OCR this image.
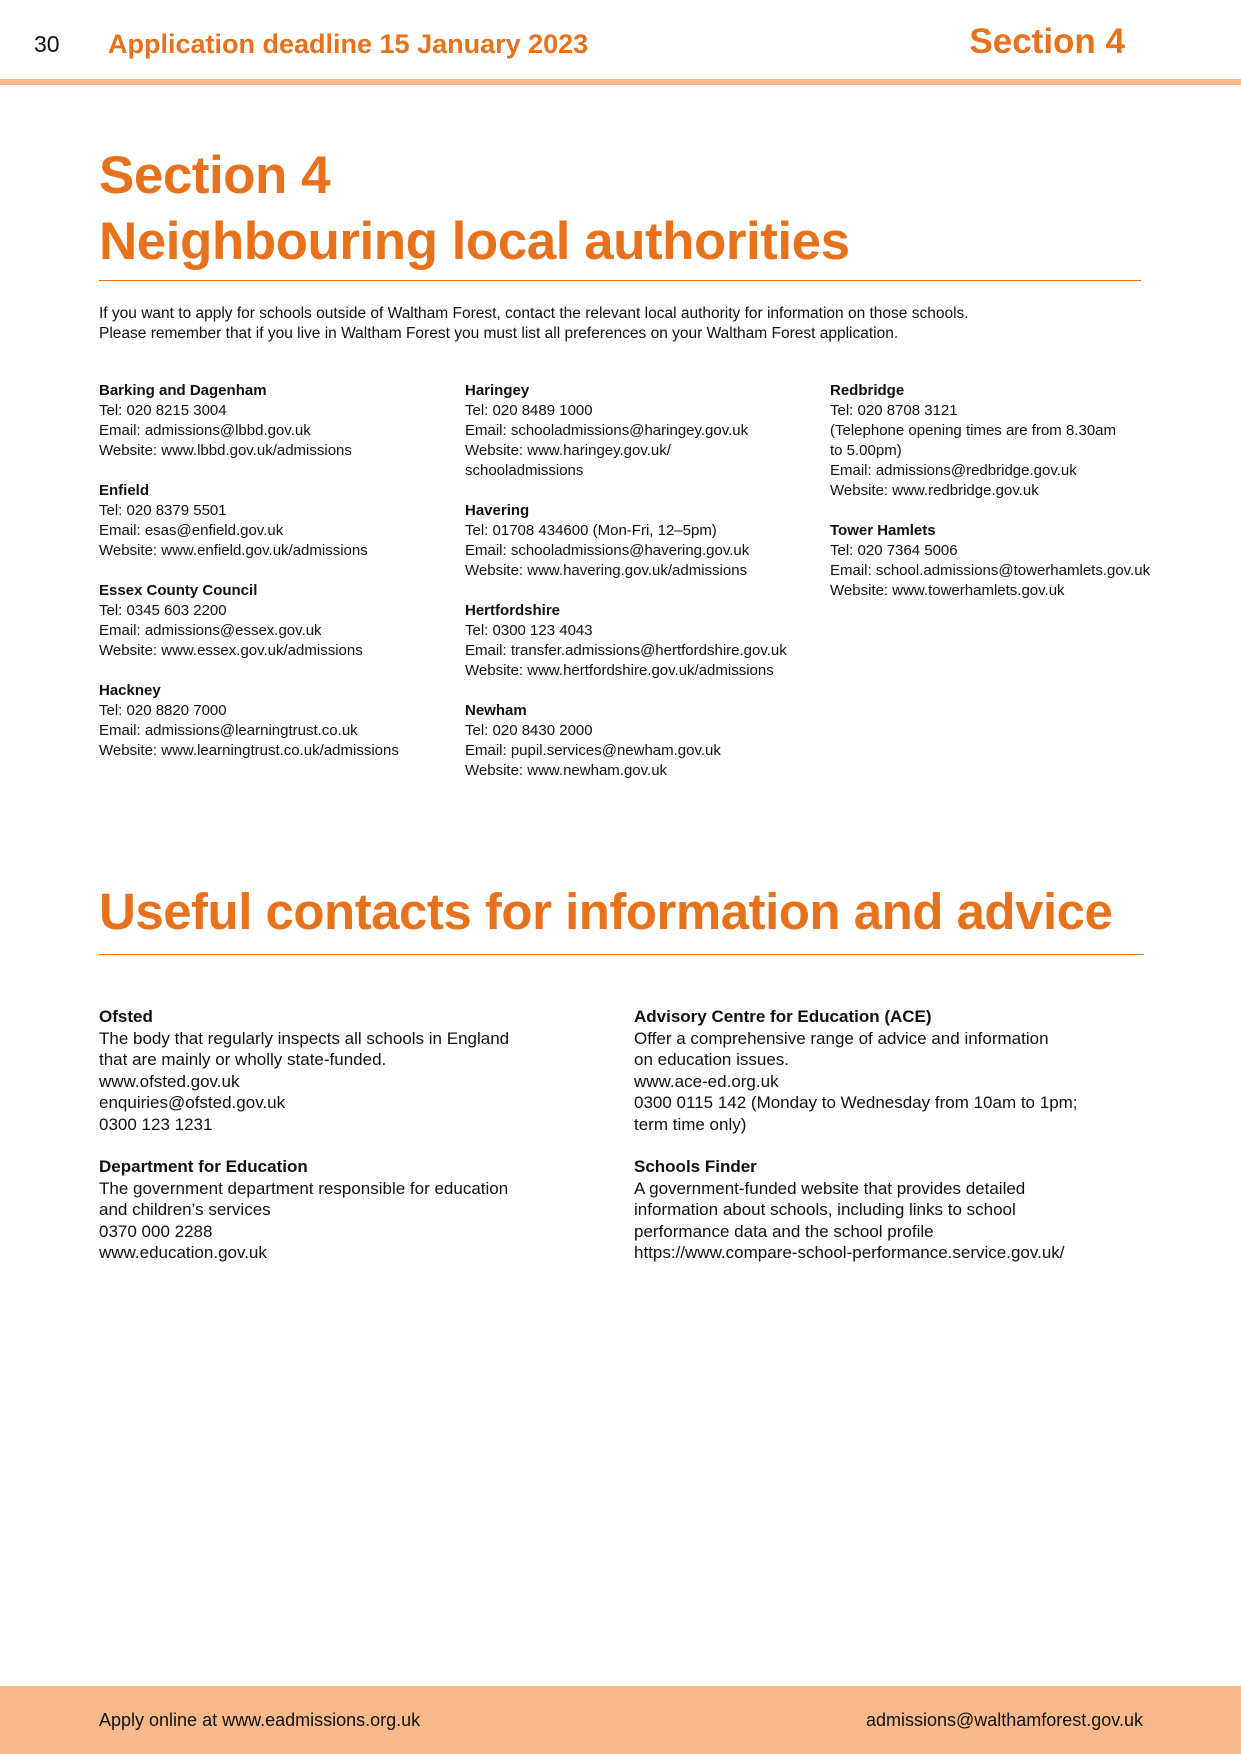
30 Application deadline 15 January 2023	Section 4
Section 4
Neighbouring local authorities
If you want to apply for schools outside of Waltham Forest, contact the relevant local authority for information on those schools.
Please remember that if you live in Waltham Forest you must list all preferences on your Waltham Forest application.
Barking and Dagenham
Tel: 020 8215 3004
Email: admissions@lbbd.gov.uk
Website: www.lbbd.gov.uk/admissions
Enfield
Tel: 020 8379 5501
Email: esas@enfield.gov.uk
Website: www.enfield.gov.uk/admissions
Essex County Council
Tel: 0345 603 2200
Email: admissions@essex.gov.uk
Website: www.essex.gov.uk/admissions
Hackney
Tel: 020 8820 7000
Email: admissions@learningtrust.co.uk
Website: www.learningtrust.co.uk/admissions
Haringey
Tel: 020 8489 1000
Email: schooladmissions@haringey.gov.uk
Website: www.haringey.gov.uk/
schooladmissions
Havering
Tel: 01708 434600 (Mon-Fri, 12–5pm)
Email: schooladmissions@havering.gov.uk
Website: www.havering.gov.uk/admissions
Hertfordshire
Tel: 0300 123 4043
Email: transfer.admissions@hertfordshire.gov.uk
Website: www.hertfordshire.gov.uk/admissions
Newham
Tel: 020 8430 2000
Email: pupil.services@newham.gov.uk
Website: www.newham.gov.uk
Redbridge
Tel: 020 8708 3121
(Telephone opening times are from 8.30am
to 5.00pm)
Email: admissions@redbridge.gov.uk
Website: www.redbridge.gov.uk
Tower Hamlets
Tel: 020 7364 5006
Email: school.admissions@towerhamlets.gov.uk
Website: www.towerhamlets.gov.uk
Useful contacts for information and advice
Ofsted
The body that regularly inspects all schools in England
that are mainly or wholly state-funded.
www.ofsted.gov.uk
enquiries@ofsted.gov.uk
0300 123 1231
Department for Education
The government department responsible for education
and children’s services
0370 000 2288
www.education.gov.uk
Advisory Centre for Education (ACE)
Offer a comprehensive range of advice and information
on education issues.
www.ace-ed.org.uk
0300 0115 142 (Monday to Wednesday from 10am to 1pm;
term time only)
Schools Finder
A government-funded website that provides detailed
information about schools, including links to school
performance data and the school profile
https://www.compare-school-performance.service.gov.uk/
Apply online at www.eadmissions.org.uk	admissions@walthamforest.gov.uk
